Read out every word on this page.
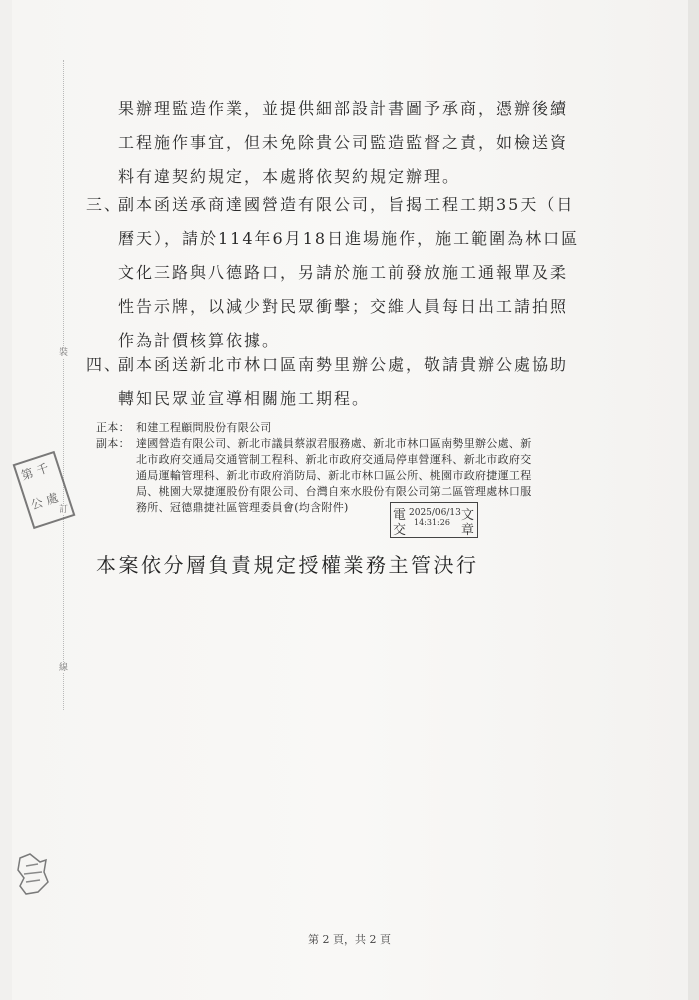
裝
訂
線
第 千
公 處
果辦理監造作業，並提供細部設計書圖予承商，憑辦後續
工程施作事宜，但未免除貴公司監造監督之責，如檢送資
料有違契約規定，本處將依契約規定辦理。
三、
副本函送承商達國營造有限公司，旨揭工程工期35天（日
曆天），請於114年6月18日進場施作，施工範圍為林口區
文化三路與八德路口，另請於施工前發放施工通報單及柔
性告示牌，以減少對民眾衝擊；交維人員每日出工請拍照
作為計價核算依據。
四、
副本函送新北市林口區南勢里辦公處，敬請貴辦公處協助
轉知民眾並宣導相關施工期程。
正本： 和建工程顧問股份有限公司
副本： 達國營造有限公司、新北市議員蔡淑君服務處、新北市林口區南勢里辦公處、新
北市政府交通局交通管制工程科、新北市政府交通局停車營運科、新北市政府交
通局運輸管理科、新北市政府消防局、新北市林口區公所、桃園市政府捷運工程
局、桃園大眾捷運股份有限公司、台灣自來水股份有限公司第二區管理處林口服
務所、冠德鼎捷社區管理委員會(均含附件)
電
交
文
章
2025/06/13
14:31:26
本案依分層負責規定授權業務主管決行
第 2 頁，共 2 頁
